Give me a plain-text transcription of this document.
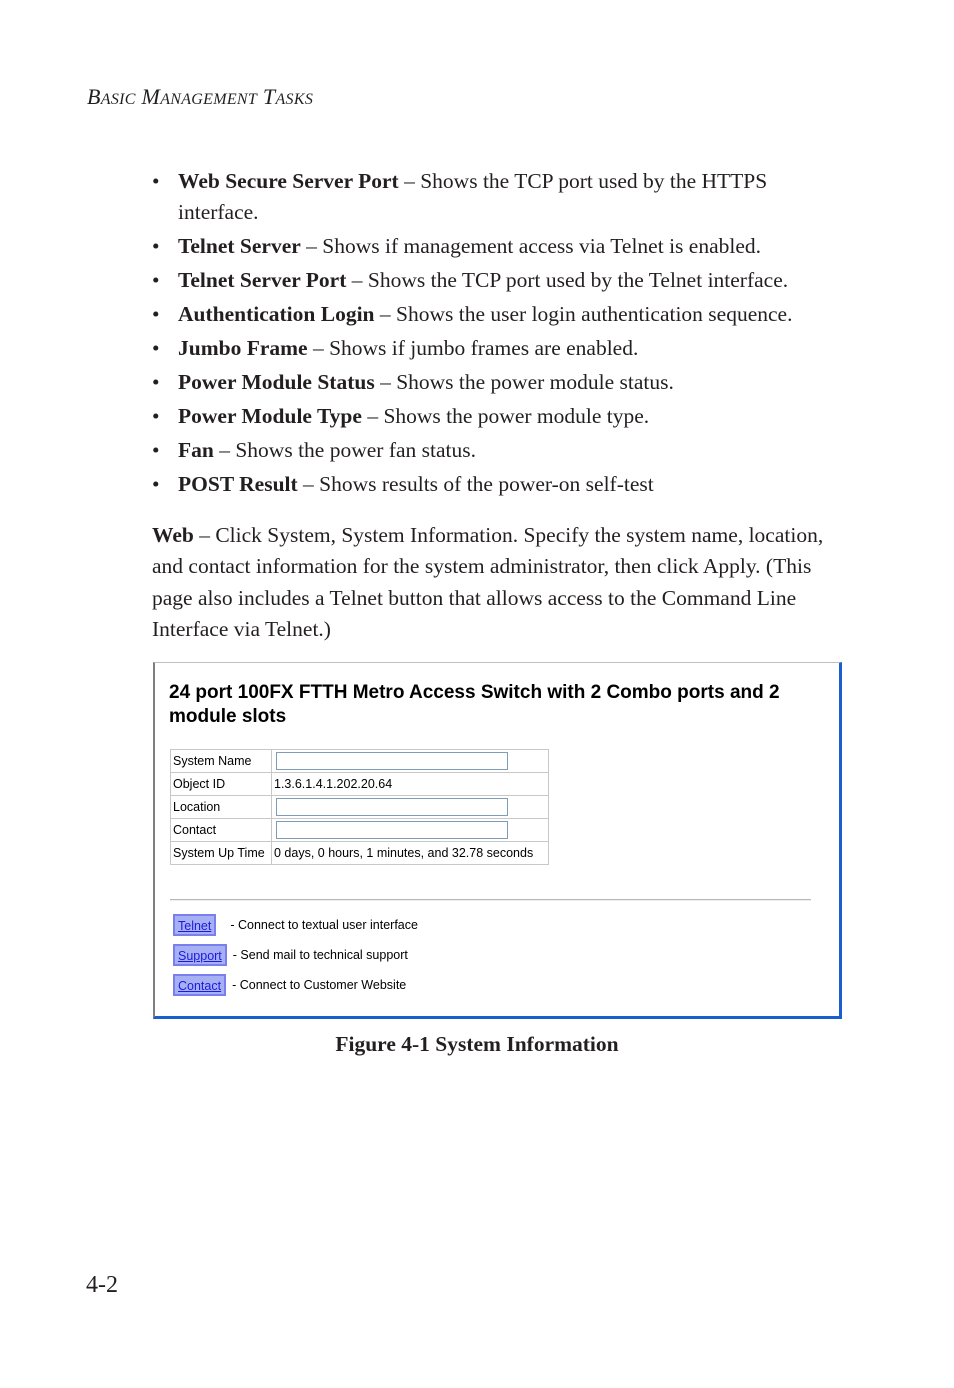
BASIC MANAGEMENT TASKS
• Web Secure Server Port – Shows the TCP port used by the HTTPS interface.
• Telnet Server – Shows if management access via Telnet is enabled.
• Telnet Server Port – Shows the TCP port used by the Telnet interface.
• Authentication Login – Shows the user login authentication sequence.
• Jumbo Frame – Shows if jumbo frames are enabled.
• Power Module Status – Shows the power module status.
• Power Module Type – Shows the power module type.
• Fan – Shows the power fan status.
• POST Result – Shows results of the power-on self-test

Web – Click System, System Information. Specify the system name, location, and contact information for the system administrator, then click Apply. (This page also includes a Telnet button that allows access to the Command Line Interface via Telnet.)

24 port 100FX FTTH Metro Access Switch with 2 Combo ports and 2 module slots

System Name	
Object ID	1.3.6.1.4.1.202.20.64
Location	
Contact	
System Up Time	0 days, 0 hours, 1 minutes, and 32.78 seconds
Telnet	- Connect to textual user interface
Support - Send mail to technical support
Contact - Connect to Customer Website

Figure 4-1 System Information

4-2
